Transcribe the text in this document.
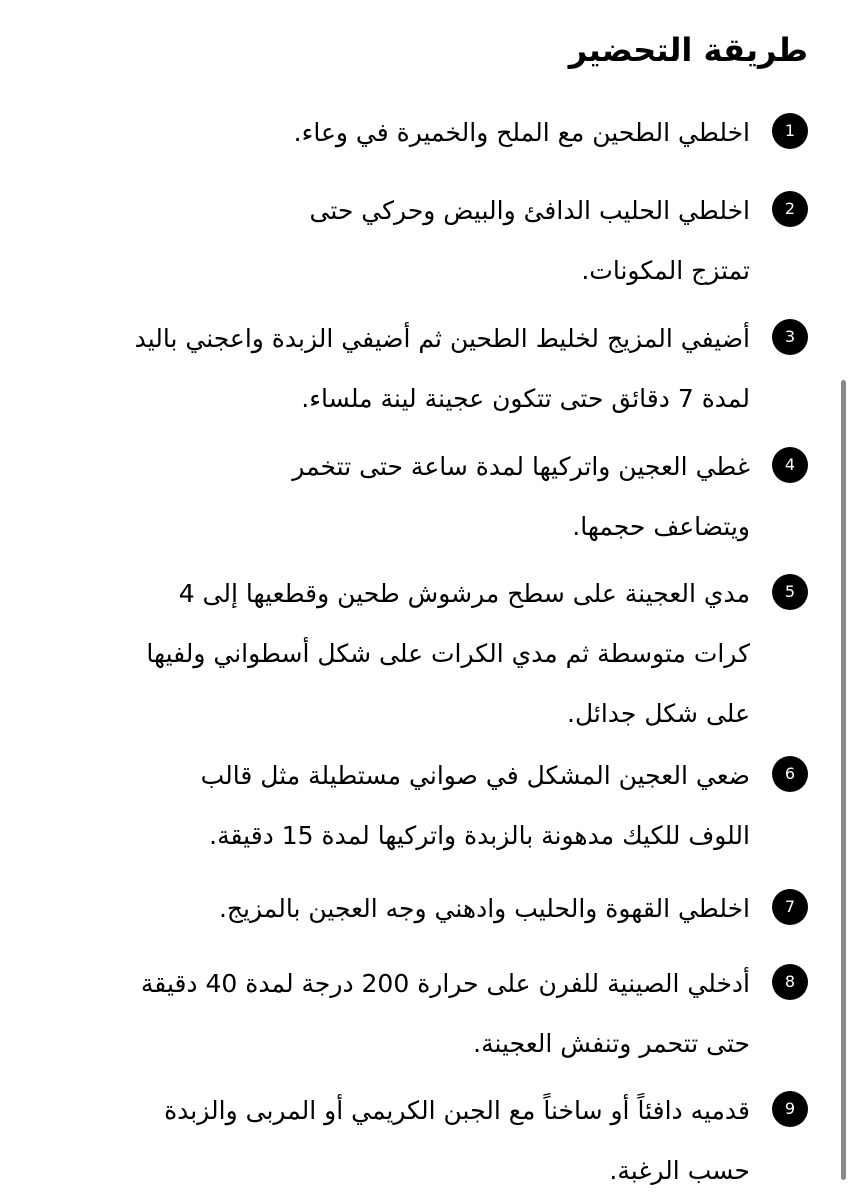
طريقة التحضير
1
اخلطي الطحين مع الملح والخميرة في وعاء.
2
اخلطي الحليب الدافئ والبيض وحركي حتى
تمتزج المكونات.
3
أضيفي المزيج لخليط الطحين ثم أضيفي الزبدة واعجني باليد
لمدة 7 دقائق حتى تتكون عجينة لينة ملساء.
4
غطي العجين واتركيها لمدة ساعة حتى تتخمر
ويتضاعف حجمها.
5
مدي العجينة على سطح مرشوش طحين وقطعيها إلى 4
كرات متوسطة ثم مدي الكرات على شكل أسطواني ولفيها
على شكل جدائل.
6
ضعي العجين المشكل في صواني مستطيلة مثل قالب
اللوف للكيك مدهونة بالزبدة واتركيها لمدة 15 دقيقة.
7
اخلطي القهوة والحليب وادهني وجه العجين بالمزيج.
8
أدخلي الصينية للفرن على حرارة 200 درجة لمدة 40 دقيقة
حتى تتحمر وتنفش العجينة.
9
قدميه دافئاً أو ساخناً مع الجبن الكريمي أو المربى والزبدة
حسب الرغبة.
